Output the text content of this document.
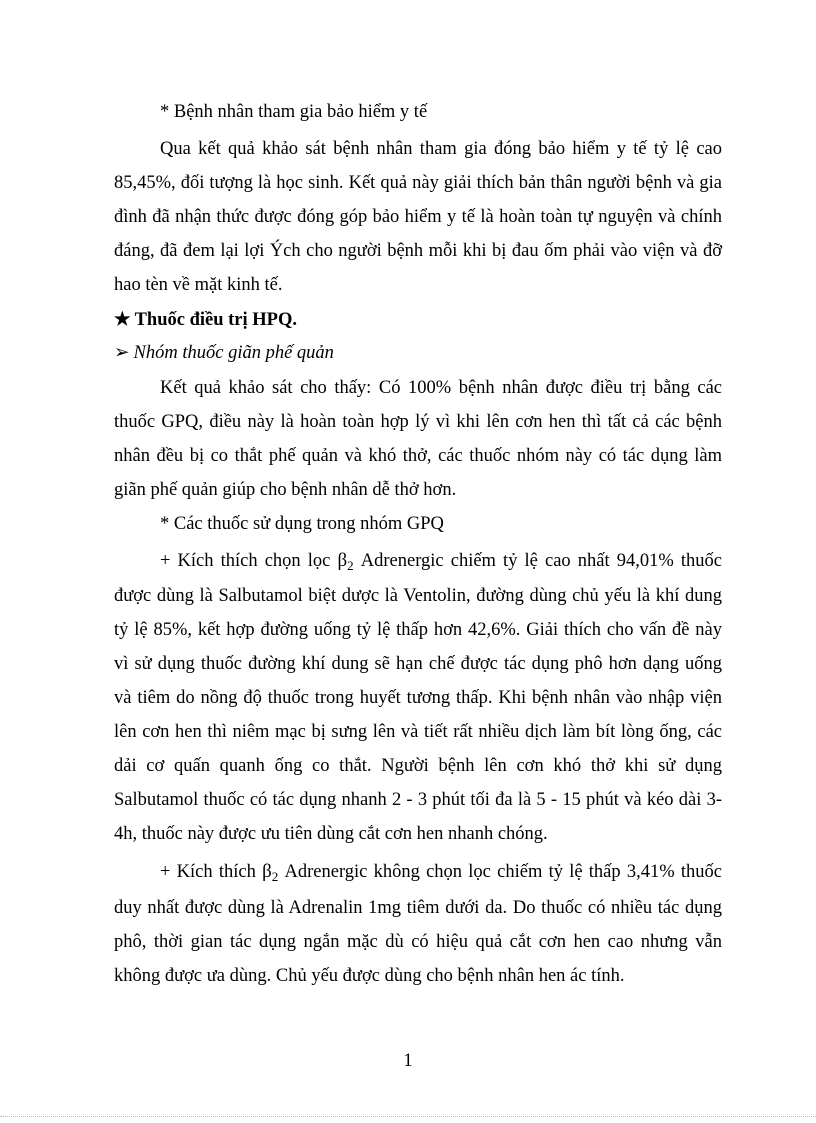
* Bệnh nhân tham gia bảo hiểm y tế
Qua kết quả khảo sát bệnh nhân tham gia đóng bảo hiểm y tế tỷ lệ cao
85,45%, đối tượng là học sinh. Kết quả này giải thích bản thân người bệnh và gia
đình đã nhận thức được đóng góp bảo hiểm y tế là hoàn toàn tự nguyện và chính
đáng, đã đem lại lợi Ých cho người bệnh mỗi khi bị đau ốm phải vào viện và đỡ
hao tèn về mặt kinh tế.
★ Thuốc điều trị HPQ.
➢ Nhóm thuốc giãn phế quản
Kết quả khảo sát cho thấy: Có 100% bệnh nhân được điều trị bằng các
thuốc GPQ, điều này là hoàn toàn hợp lý vì khi lên cơn hen thì tất cả các bệnh
nhân đều bị co thắt phế quản và khó thở, các thuốc nhóm này có tác dụng làm
giãn phế quản giúp cho bệnh nhân dễ thở hơn.
* Các thuốc sử dụng trong nhóm GPQ
+ Kích thích chọn lọc $\beta_2$ Adrenergic chiếm tỷ lệ cao nhất 94,01% thuốc
được dùng là Salbutamol biệt dược là Ventolin, đường dùng chủ yếu là khí dung
tỷ lệ 85%, kết hợp đường uống tỷ lệ thấp hơn 42,6%. Giải thích cho vấn đề này
vì sử dụng thuốc đường khí dung sẽ hạn chế được tác dụng phô hơn dạng uống
và tiêm do nồng độ thuốc trong huyết tương thấp. Khi bệnh nhân vào nhập viện
lên cơn hen thì niêm mạc bị sưng lên và tiết rất nhiều dịch làm bít lòng ống, các
dải cơ quấn quanh ống co thắt. Người bệnh lên cơn khó thở khi sử dụng
Salbutamol thuốc có tác dụng nhanh 2 - 3 phút tối đa là 5 - 15 phút và kéo dài 3-
4h, thuốc này được ưu tiên dùng cắt cơn hen nhanh chóng.
+ Kích thích $\beta_2$ Adrenergic không chọn lọc chiếm tỷ lệ thấp 3,41% thuốc
duy nhất được dùng là Adrenalin 1mg tiêm dưới da. Do thuốc có nhiều tác dụng
phô, thời gian tác dụng ngắn mặc dù có hiệu quả cắt cơn hen cao nhưng vẫn
không được ưa dùng. Chủ yếu được dùng cho bệnh nhân hen ác tính.
1
